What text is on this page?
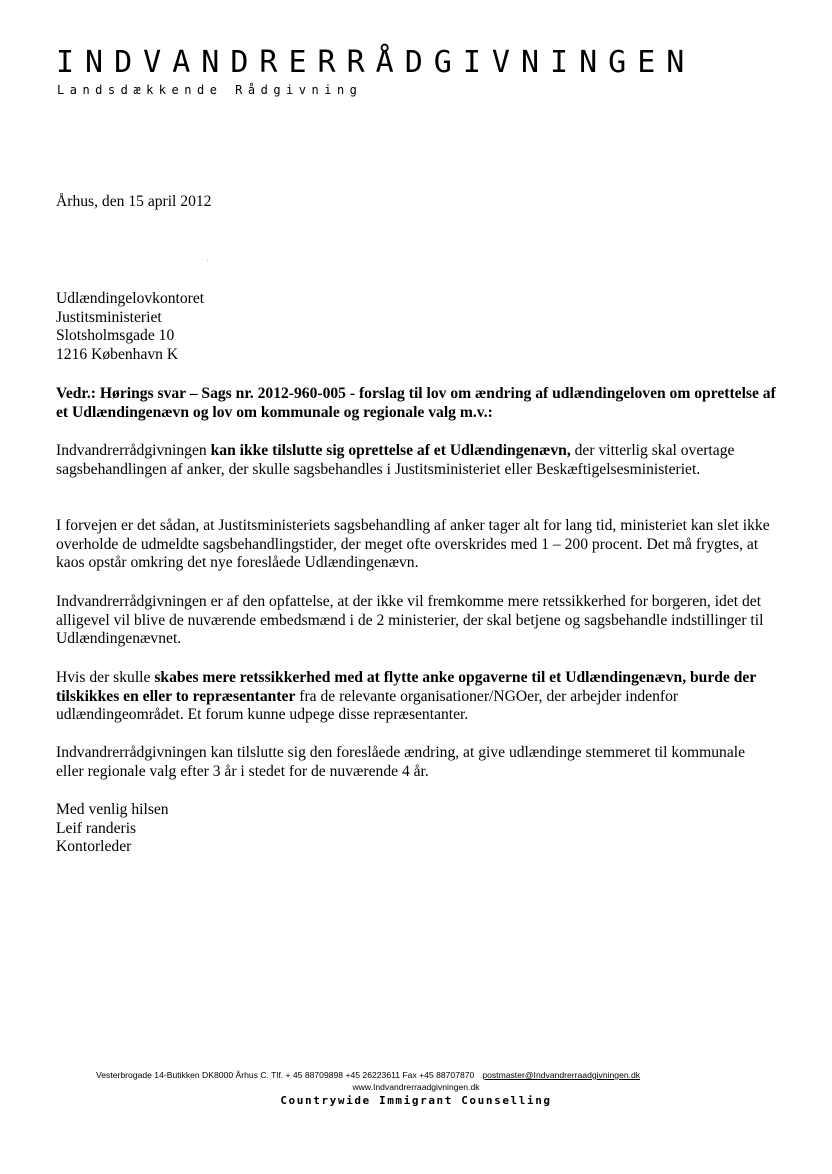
INDVANDRERRÅDGIVNINGEN
Landsdækkende Rådgivning
Århus, den 15 april 2012
Udlændingelovkontoret
Justitsministeriet
Slotsholmsgade 10
1216 København K
Vedr.: Hørings svar – Sags nr. 2012-960-005 - forslag til lov om ændring af udlændingeloven om oprettelse af et Udlændingenævn og lov om kommunale og regionale valg m.v.:
Indvandrerrådgivningen kan ikke tilslutte sig oprettelse af et Udlændingenævn, der vitterlig skal overtage sagsbehandlingen af anker, der skulle sagsbehandles i Justitsministeriet eller Beskæftigelsesministeriet.
I forvejen er det sådan, at Justitsministeriets sagsbehandling af anker tager alt for lang tid, ministeriet kan slet ikke overholde de udmeldte sagsbehandlingstider, der meget ofte overskrides med 1 – 200 procent. Det må frygtes, at kaos opstår omkring det nye foreslåede Udlændingenævn.
Indvandrerrådgivningen er af den opfattelse, at der ikke vil fremkomme mere retssikkerhed for borgeren, idet det alligevel vil blive de nuværende embedsmænd i de 2 ministerier, der skal betjene og sagsbehandle indstillinger til Udlændingenævnet.
Hvis der skulle skabes mere retssikkerhed med at flytte anke opgaverne til et Udlændingenævn, burde der tilskikkes en eller to repræsentanter fra de relevante organisationer/NGOer, der arbejder indenfor udlændingeområdet. Et forum kunne udpege disse repræsentanter.
Indvandrerrådgivningen kan tilslutte sig den foreslåede ændring, at give udlændinge stemmeret til kommunale eller regionale valg efter 3 år i stedet for de nuværende 4 år.
Med venlig hilsen
Leif randeris
Kontorleder
Vesterbrogade 14-Butikken DK8000 Århus C. Tlf. + 45 88709898 +45 26223611 Fax +45 88707870 postmaster@Indvandrerraadgivningen.dk
www.Indvandrerraadgivningen.dk
Countrywide Immigrant Counselling
